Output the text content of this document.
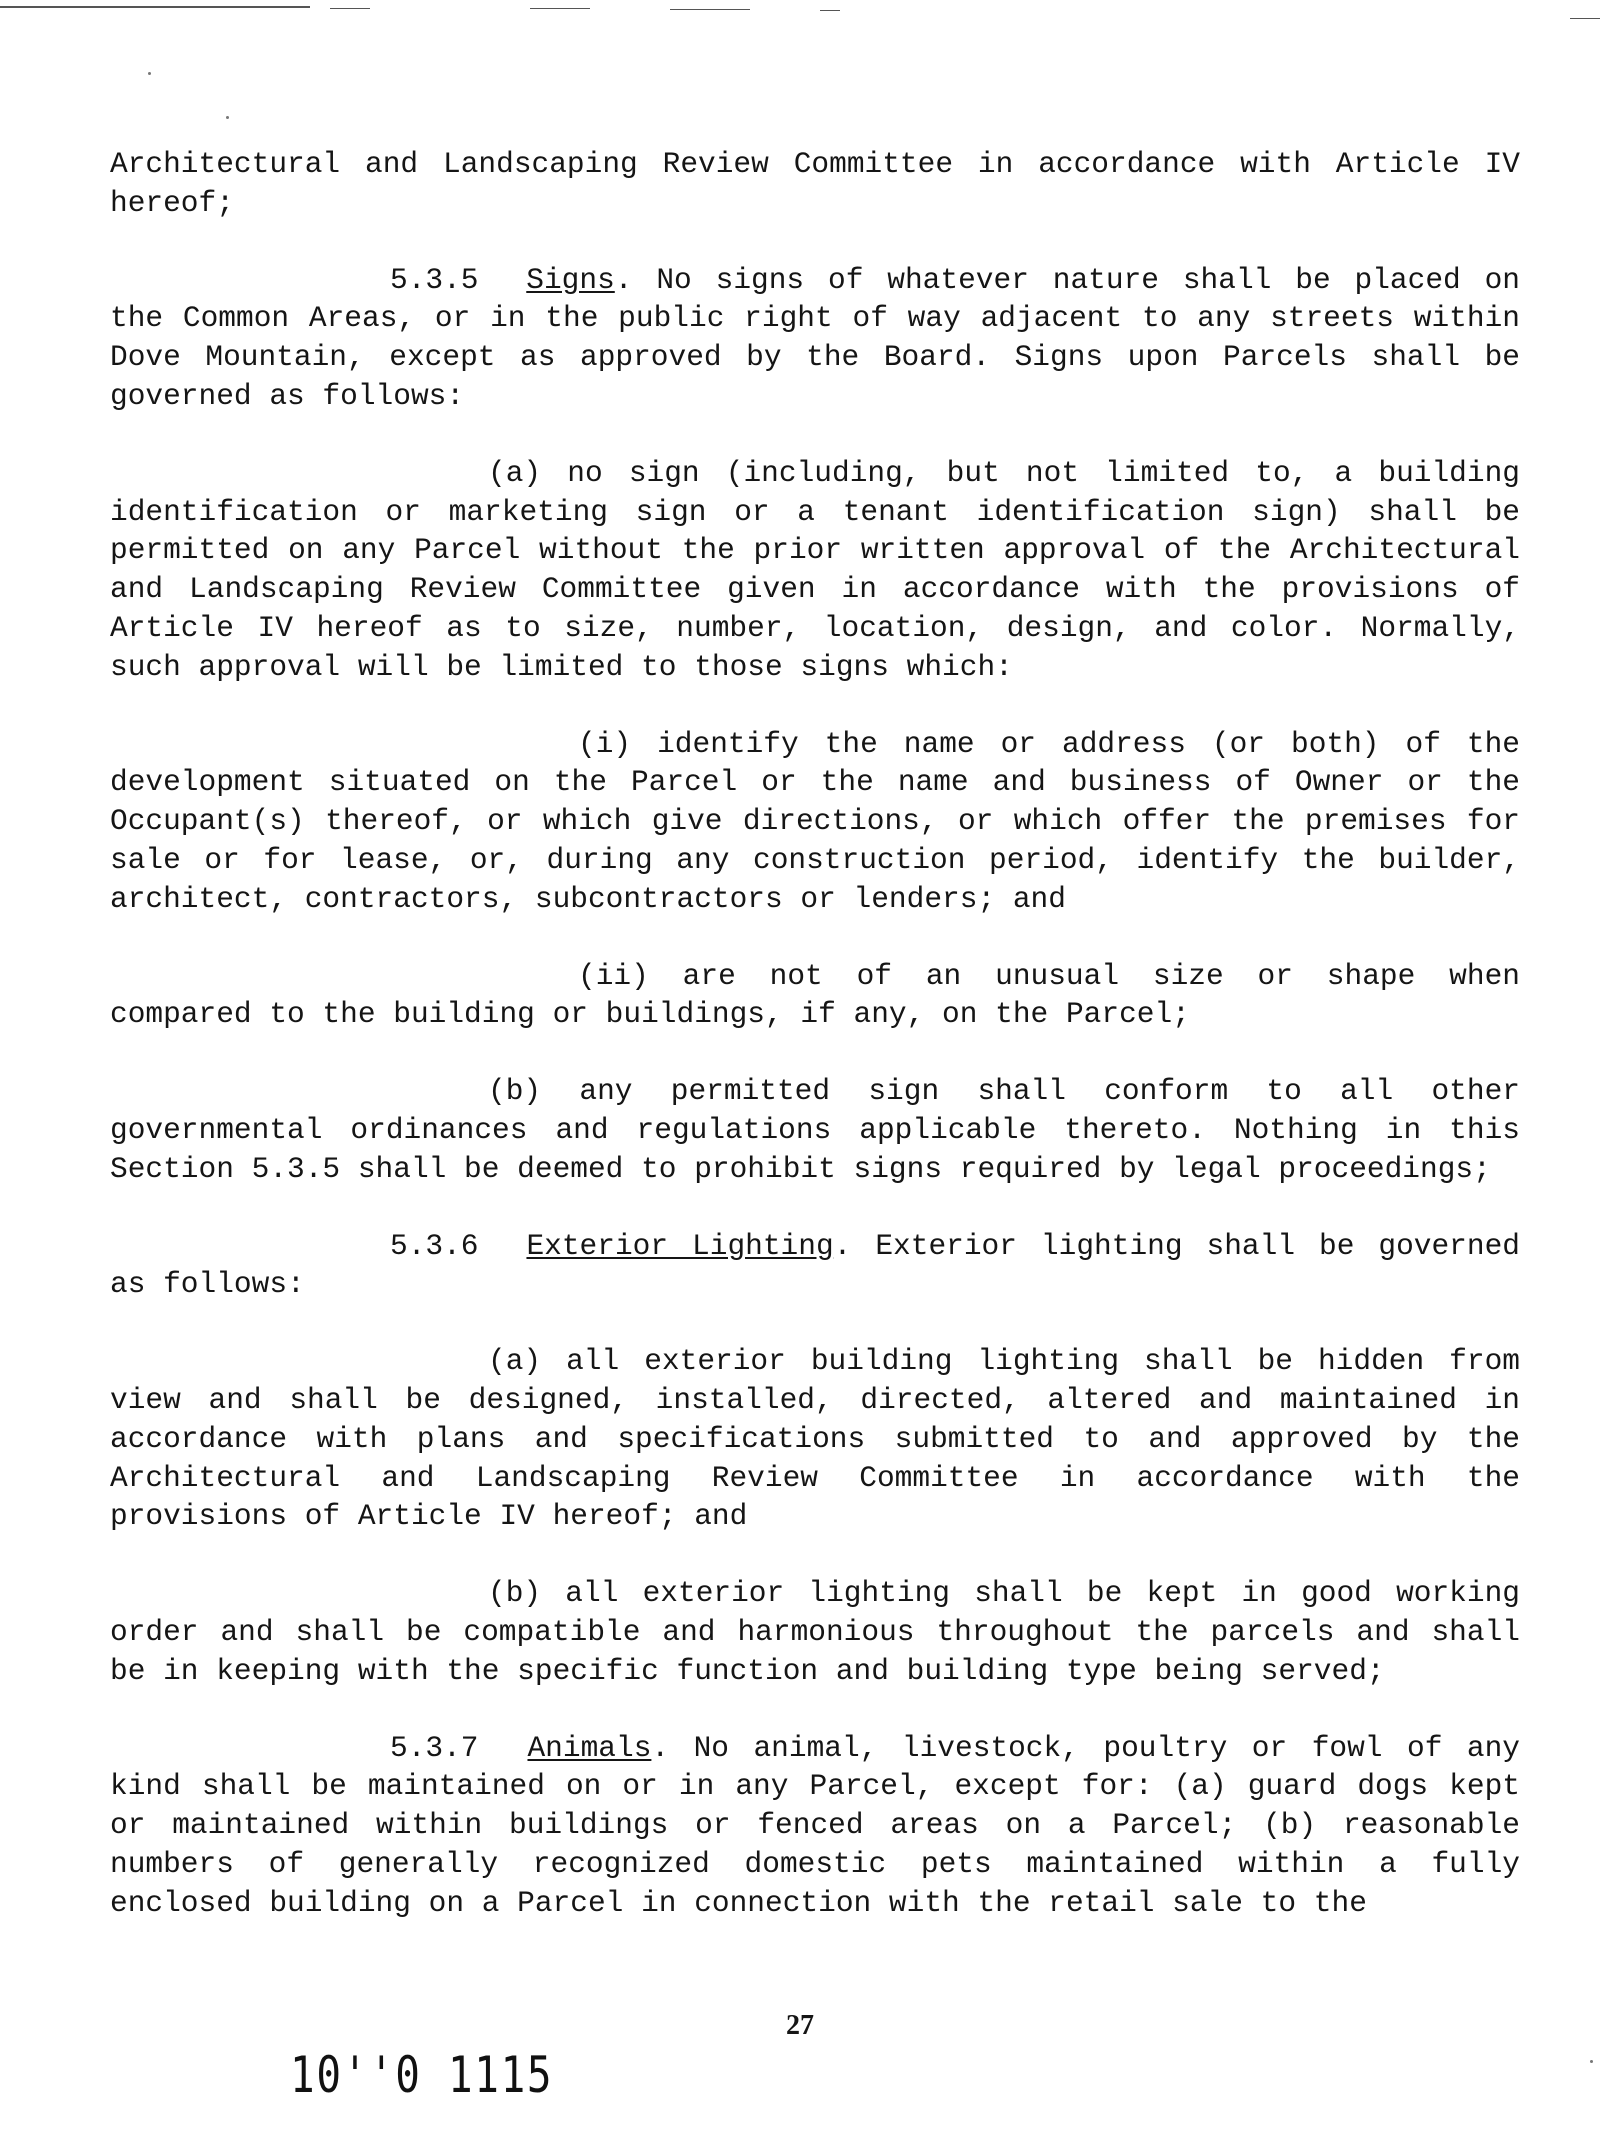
Architectural and Landscaping Review Committee in accordance with Article IV hereof;

5.3.5 Signs. No signs of whatever nature shall be placed on the Common Areas, or in the public right of way adjacent to any streets within Dove Mountain, except as approved by the Board. Signs upon Parcels shall be governed as follows:

(a) no sign (including, but not limited to, a building identification or marketing sign or a tenant identification sign) shall be permitted on any Parcel without the prior written approval of the Architectural and Landscaping Review Committee given in accordance with the provisions of Article IV hereof as to size, number, location, design, and color. Normally, such approval will be limited to those signs which:

(i) identify the name or address (or both) of the development situated on the Parcel or the name and business of Owner or the Occupant(s) thereof, or which give directions, or which offer the premises for sale or for lease, or, during any construction period, identify the builder, architect, contractors, subcontractors or lenders; and

(ii) are not of an unusual size or shape when compared to the building or buildings, if any, on the Parcel;

(b) any permitted sign shall conform to all other governmental ordinances and regulations applicable thereto. Nothing in this Section 5.3.5 shall be deemed to prohibit signs required by legal proceedings;

5.3.6 Exterior Lighting. Exterior lighting shall be governed as follows:

(a) all exterior building lighting shall be hidden from view and shall be designed, installed, directed, altered and maintained in accordance with plans and specifications submitted to and approved by the Architectural and Landscaping Review Committee in accordance with the provisions of Article IV hereof; and

(b) all exterior lighting shall be kept in good working order and shall be compatible and harmonious throughout the parcels and shall be in keeping with the specific function and building type being served;

5.3.7 Animals. No animal, livestock, poultry or fowl of any kind shall be maintained on or in any Parcel, except for: (a) guard dogs kept or maintained within buildings or fenced areas on a Parcel; (b) reasonable numbers of generally recognized domestic pets maintained within a fully enclosed building on a Parcel in connection with the retail sale to the

27
10''0 1115
